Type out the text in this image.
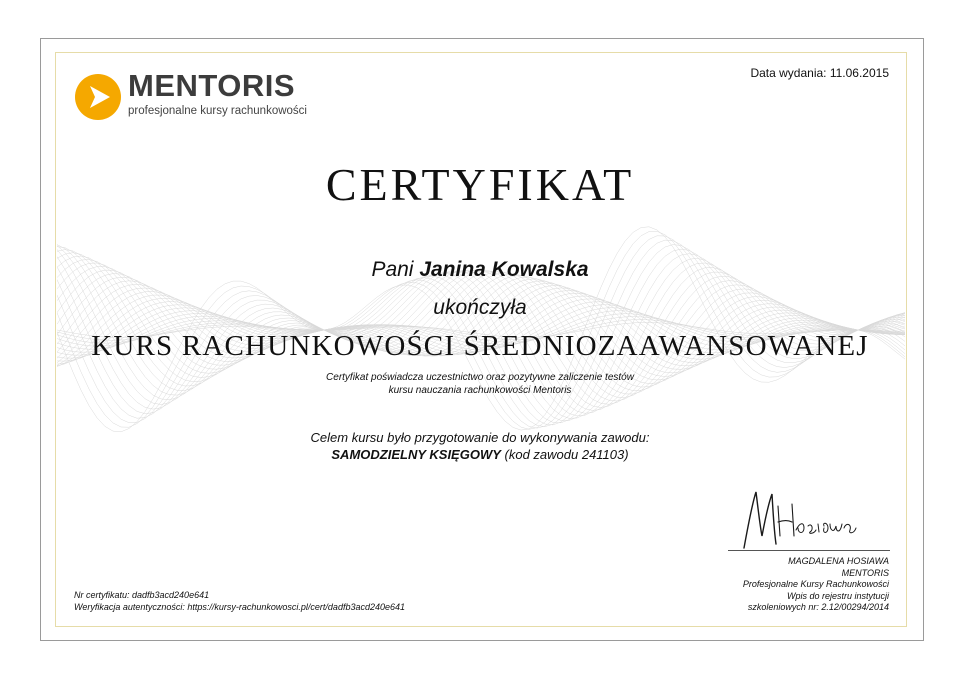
MENTORIS
profesjonalne kursy rachunkowości
Data wydania: 11.06.2015
CERTYFIKAT
Pani Janina Kowalska
ukończyła
KURS RACHUNKOWOŚCI ŚREDNIOZAAWANSOWANEJ
Certyfikat poświadcza uczestnictwo oraz pozytywne zaliczenie testów
kursu nauczania rachunkowości Mentoris
Celem kursu było przygotowanie do wykonywania zawodu:
SAMODZIELNY KSIĘGOWY (kod zawodu 241103)
MAGDALENA HOSIAWA
MENTORIS
Profesjonalne Kursy Rachunkowości
Wpis do rejestru instytucji
szkoleniowych nr: 2.12/00294/2014
Nr certyfikatu: dadfb3acd240e641
Weryfikacja autentyczności: https://kursy-rachunkowosci.pl/cert/dadfb3acd240e641
